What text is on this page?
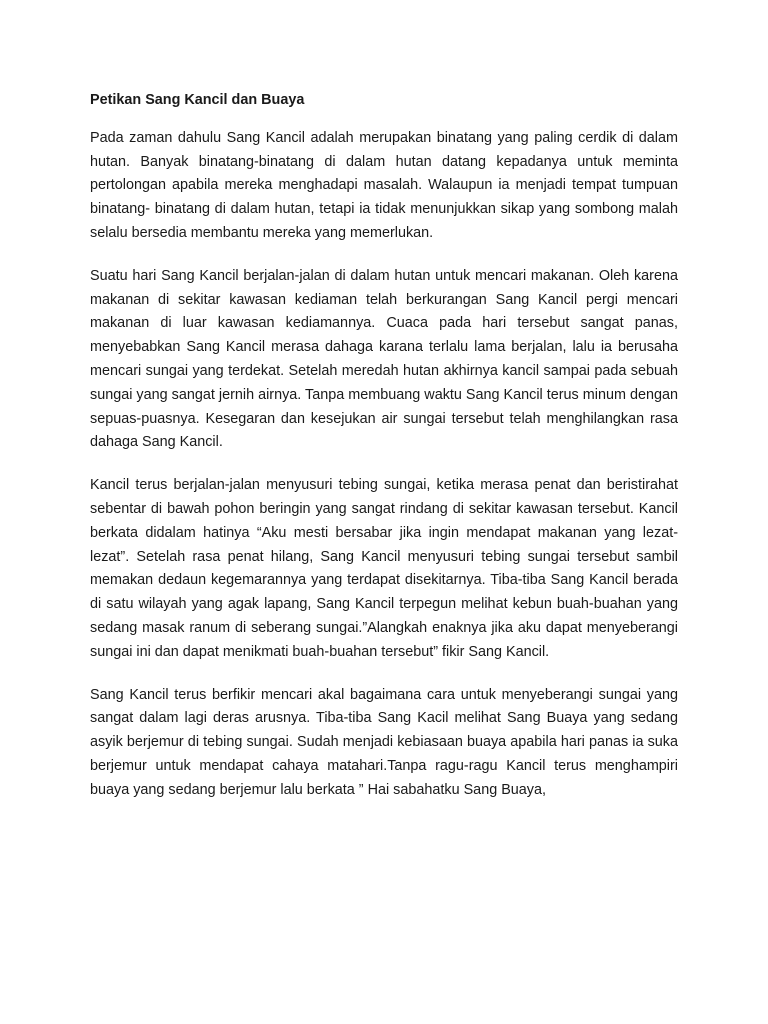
Petikan Sang Kancil dan Buaya

Pada zaman dahulu Sang Kancil adalah merupakan binatang yang paling cerdik di dalam hutan. Banyak binatang-binatang di dalam hutan datang kepadanya untuk meminta pertolongan apabila mereka menghadapi masalah. Walaupun ia menjadi tempat tumpuan binatang- binatang di dalam hutan, tetapi ia tidak menunjukkan sikap yang sombong malah selalu bersedia membantu mereka yang memerlukan.

Suatu hari Sang Kancil berjalan-jalan di dalam hutan untuk mencari makanan. Oleh karena makanan di sekitar kawasan kediaman telah berkurangan Sang Kancil pergi mencari makanan di luar kawasan kediamannya. Cuaca pada hari tersebut sangat panas, menyebabkan Sang Kancil merasa dahaga karana terlalu lama berjalan, lalu ia berusaha mencari sungai yang terdekat. Setelah meredah hutan akhirnya kancil sampai pada sebuah sungai yang sangat jernih airnya. Tanpa membuang waktu Sang Kancil terus minum dengan sepuas-puasnya. Kesegaran dan kesejukan air sungai tersebut telah menghilangkan rasa dahaga Sang Kancil.

Kancil terus berjalan-jalan menyusuri tebing sungai, ketika merasa penat dan beristirahat sebentar di bawah pohon beringin yang sangat rindang di sekitar kawasan tersebut. Kancil berkata didalam hatinya “Aku mesti bersabar jika ingin mendapat makanan yang lezat-lezat”. Setelah rasa penat hilang, Sang Kancil menyusuri tebing sungai tersebut sambil memakan dedaun kegemarannya yang terdapat disekitarnya. Tiba-tiba Sang Kancil berada di satu wilayah yang agak lapang, Sang Kancil terpegun melihat kebun buah-buahan yang sedang masak ranum di seberang sungai.”Alangkah enaknya jika aku dapat menyeberangi sungai ini dan dapat menikmati buah-buahan tersebut” fikir Sang Kancil.

Sang Kancil terus berfikir mencari akal bagaimana cara untuk menyeberangi sungai yang sangat dalam lagi deras arusnya. Tiba-tiba Sang Kacil melihat Sang Buaya yang sedang asyik berjemur di tebing sungai. Sudah menjadi kebiasaan buaya apabila hari panas ia suka berjemur untuk mendapat cahaya matahari.Tanpa ragu-ragu Kancil terus menghampiri buaya yang sedang berjemur lalu berkata ” Hai sabahatku Sang Buaya,
